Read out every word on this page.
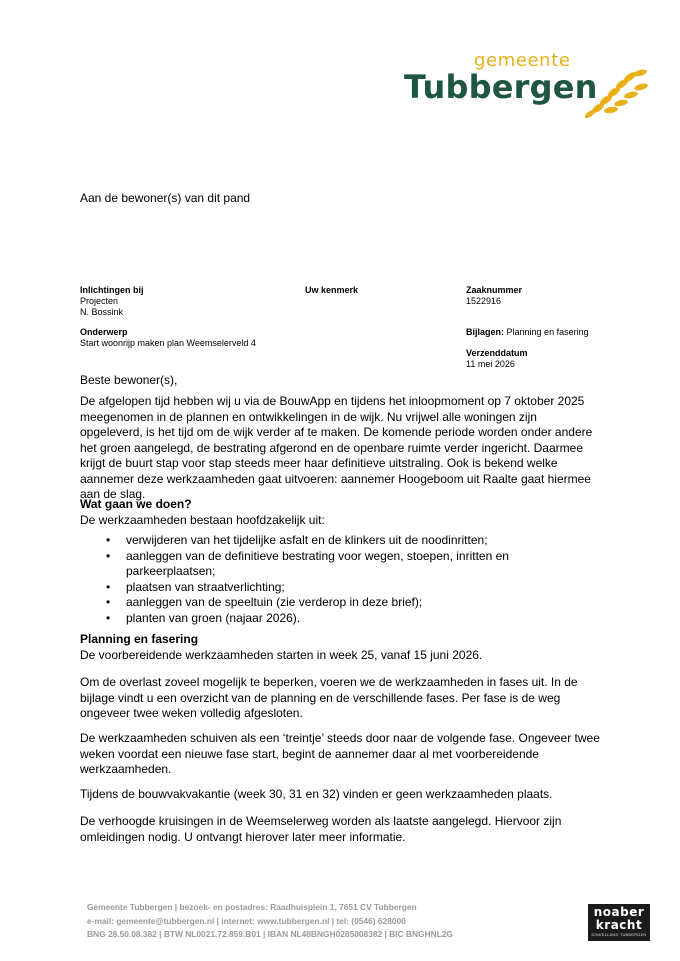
gemeente
Tubbergen
Aan de bewoner(s) van dit pand
Inlichtingen bij
Projecten
N. Bossink
Uw kenmerk	Zaaknummer
1522916
Onderwerp
Start woonrijp maken plan Weemselerveld 4
Bijlagen: Planning en fasering
Verzenddatum
11 mei 2026
Beste bewoner(s),
De afgelopen tijd hebben wij u via de BouwApp en tijdens het inloopmoment op 7 oktober 2025 meegenomen in de plannen en ontwikkelingen in de wijk. Nu vrijwel alle woningen zijn opgeleverd, is het tijd om de wijk verder af te maken. De komende periode worden onder andere het groen aangelegd, de bestrating afgerond en de openbare ruimte verder ingericht. Daarmee krijgt de buurt stap voor stap steeds meer haar definitieve uitstraling. Ook is bekend welke aannemer deze werkzaamheden gaat uitvoeren: aannemer Hoogeboom uit Raalte gaat hiermee aan de slag.
Wat gaan we doen?
De werkzaamheden bestaan hoofdzakelijk uit:
• verwijderen van het tijdelijke asfalt en de klinkers uit de noodinritten;
• aanleggen van de definitieve bestrating voor wegen, stoepen, inritten en parkeerplaatsen;
• plaatsen van straatverlichting;
• aanleggen van de speeltuin (zie verderop in deze brief);
• planten van groen (najaar 2026).
Planning en fasering
De voorbereidende werkzaamheden starten in week 25, vanaf 15 juni 2026.
Om de overlast zoveel mogelijk te beperken, voeren we de werkzaamheden in fases uit. In de bijlage vindt u een overzicht van de planning en de verschillende fases. Per fase is de weg ongeveer twee weken volledig afgesloten.
De werkzaamheden schuiven als een ‘treintje’ steeds door naar de volgende fase. Ongeveer twee weken voordat een nieuwe fase start, begint de aannemer daar al met voorbereidende werkzaamheden.
Tijdens de bouwvakvakantie (week 30, 31 en 32) vinden er geen werkzaamheden plaats.
De verhoogde kruisingen in de Weemselerweg worden als laatste aangelegd. Hiervoor zijn omleidingen nodig. U ontvangt hierover later meer informatie.
Gemeente Tubbergen | bezoek- en postadres: Raadhuisplein 1, 7651 CV Tubbergen
e-mail: gemeente@tubbergen.nl | internet: www.tubbergen.nl | tel: (0546) 628000
BNG 28.50.08.382 | BTW NL0021.72.859.B01 | IBAN NL48BNGH0285008382 | BIC BNGHNL2G
noaber
kracht
DINKELLAND TUBBERGEN
